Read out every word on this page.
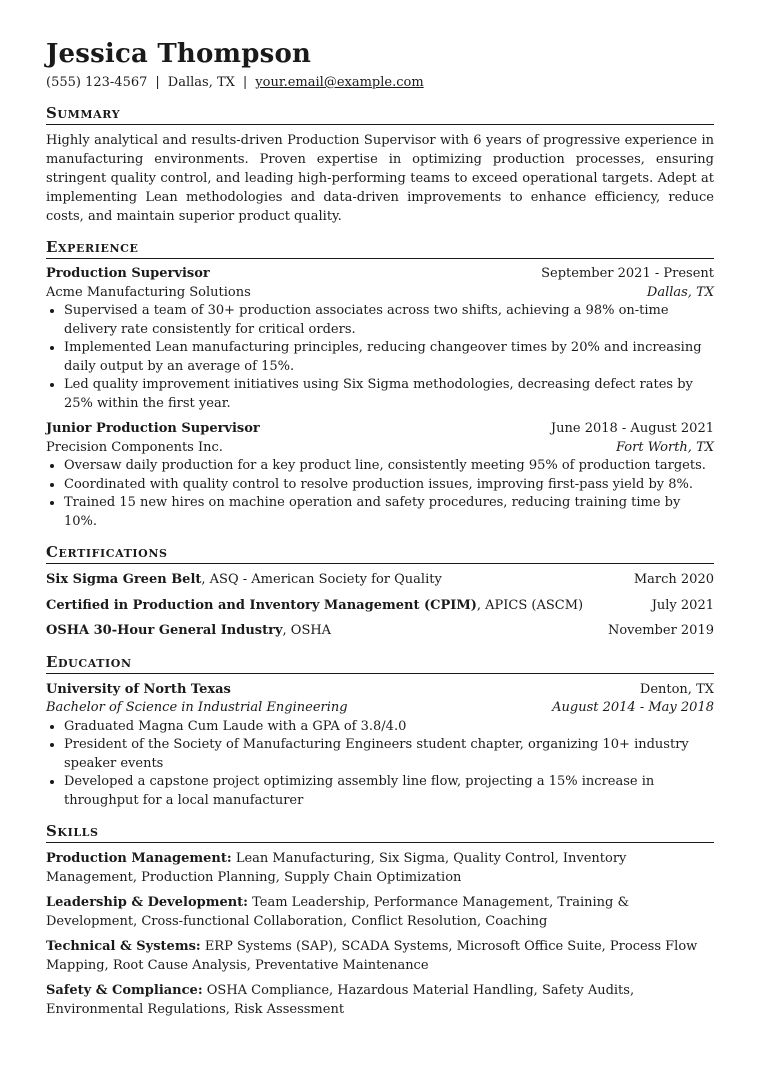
Jessica Thompson
(555) 123-4567 | Dallas, TX | your.email@example.com
Summary
Highly analytical and results-driven Production Supervisor with 6 years of progressive experience in manufacturing environments. Proven expertise in optimizing production processes, ensuring stringent quality control, and leading high-performing teams to exceed operational targets. Adept at implementing Lean methodologies and data-driven improvements to enhance efficiency, reduce costs, and maintain superior product quality.
Experience
Production Supervisor	September 2021 - Present
Acme Manufacturing Solutions	Dallas, TX
• Supervised a team of 30+ production associates across two shifts, achieving a 98% on-time delivery rate consistently for critical orders.
• Implemented Lean manufacturing principles, reducing changeover times by 20% and increasing daily output by an average of 15%.
• Led quality improvement initiatives using Six Sigma methodologies, decreasing defect rates by 25% within the first year.
Junior Production Supervisor	June 2018 - August 2021
Precision Components Inc.	Fort Worth, TX
• Oversaw daily production for a key product line, consistently meeting 95% of production targets.
• Coordinated with quality control to resolve production issues, improving first-pass yield by 8%.
• Trained 15 new hires on machine operation and safety procedures, reducing training time by 10%.
Certifications
Six Sigma Green Belt, ASQ - American Society for Quality	March 2020
Certified in Production and Inventory Management (CPIM), APICS (ASCM)	July 2021
OSHA 30-Hour General Industry, OSHA	November 2019
Education
University of North Texas	Denton, TX
Bachelor of Science in Industrial Engineering	August 2014 - May 2018
• Graduated Magna Cum Laude with a GPA of 3.8/4.0
• President of the Society of Manufacturing Engineers student chapter, organizing 10+ industry speaker events
• Developed a capstone project optimizing assembly line flow, projecting a 15% increase in throughput for a local manufacturer
Skills
Production Management: Lean Manufacturing, Six Sigma, Quality Control, Inventory Management, Production Planning, Supply Chain Optimization
Leadership & Development: Team Leadership, Performance Management, Training & Development, Cross-functional Collaboration, Conflict Resolution, Coaching
Technical & Systems: ERP Systems (SAP), SCADA Systems, Microsoft Office Suite, Process Flow Mapping, Root Cause Analysis, Preventative Maintenance
Safety & Compliance: OSHA Compliance, Hazardous Material Handling, Safety Audits, Environmental Regulations, Risk Assessment
